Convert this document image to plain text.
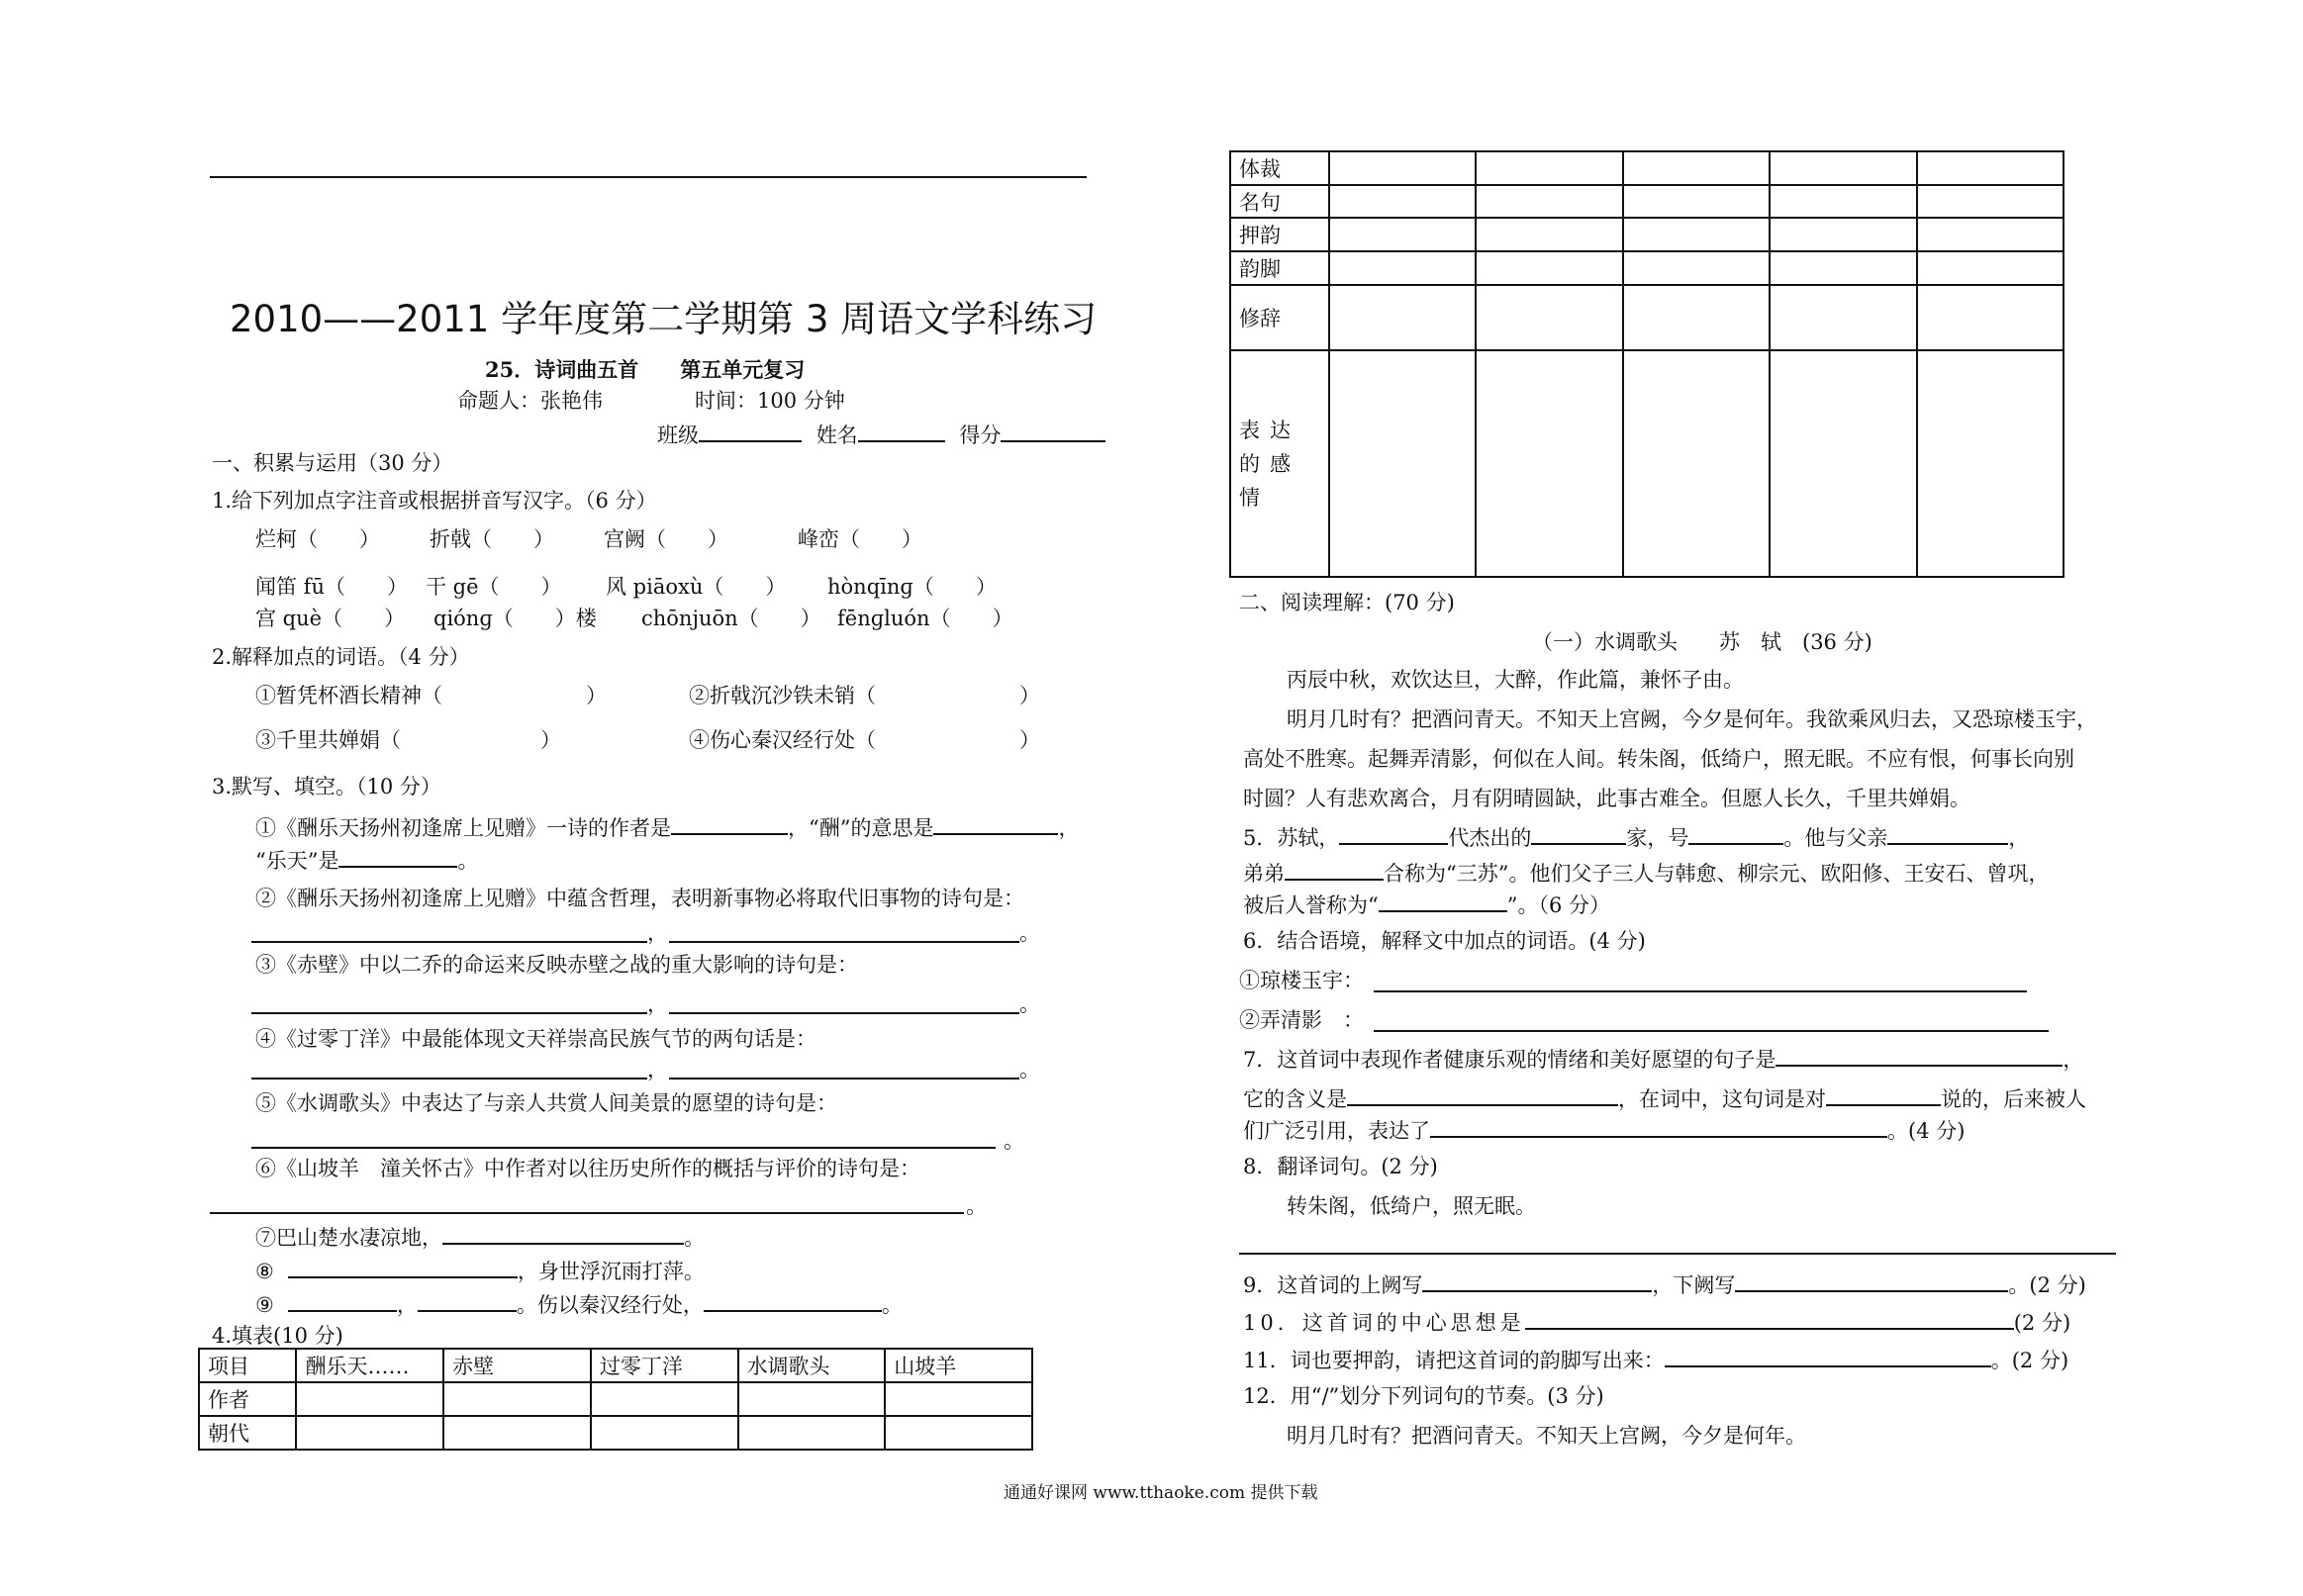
2010——2011 学年度第二学期第 3 周语文学科练习
25．诗词曲五首　　第五单元复习
命题人：张艳伟	时间：100 分钟
班级	姓名	得分
一、积累与运用（30 分）
1.给下列加点字注音或根据拼音写汉字。（6 分）
烂柯（　　） 折戟（　　） 宫阙（　　）	峰峦（　　）
闻笛 fū（　　） 干 gē（　　） 风 piāoxù（　　） hònqīnɡ（　　）
宫 què（　　） qiónɡ（　　）楼 chōnjuōn（　　） fēnɡluón（　　）
2.解释加点的词语。（4 分）
①暂凭杯酒长精神（	）	②折戟沉沙铁未销（	）
③千里共婵娟（	）	④伤心秦汉经行处（	）
3.默写、填空。（10 分）
①《酬乐天扬州初逢席上见赠》一诗的作者是	，“酬”的意思是	，
“乐天”是	。
②《酬乐天扬州初逢席上见赠》中蕴含哲理，表明新事物必将取代旧事物的诗句是：
，	。
③《赤壁》中以二乔的命运来反映赤壁之战的重大影响的诗句是：
，	。
④《过零丁洋》中最能体现文天祥崇高民族气节的两句话是：
，	。
⑤《水调歌头》中表达了与亲人共赏人间美景的愿望的诗句是：
。
⑥《山坡羊　潼关怀古》中作者对以往历史所作的概括与评价的诗句是：
。
⑦巴山楚水凄凉地，	。
⑧	，身世浮沉雨打萍。
⑨	，	。伤以秦汉经行处，	。
4.填表(10 分)
项目	酬乐天……	赤壁	过零丁洋	水调歌头	山坡羊
作者					
朝代					
体裁					
名句					
押韵					
韵脚					
修辞					
表达的感情					
二、阅读理解：(70 分)
（一）水调歌头　　苏　轼　(36 分)
丙辰中秋，欢饮达旦，大醉，作此篇，兼怀子由。
明月几时有？把酒问青天。不知天上宫阙，今夕是何年。我欲乘风归去，又恐琼楼玉宇，
高处不胜寒。起舞弄清影，何似在人间。转朱阁，低绮户，照无眠。不应有恨，何事长向别
时圆？人有悲欢离合，月有阴晴圆缺，此事古难全。但愿人长久，千里共婵娟。
5．苏轼，	代杰出的	家，号	。他与父亲	，
弟弟	合称为“三苏”。他们父子三人与韩愈、柳宗元、欧阳修、王安石、曾巩，
被后人誉称为“	”。（6 分）
6．结合语境，解释文中加点的词语。(4 分)
①琼楼玉宇：
②弄清影　：
7．这首词中表现作者健康乐观的情绪和美好愿望的句子是	，
它的含义是	，在词中，这句词是对	说的，后来被人
们广泛引用，表达了	。(4 分)
8．翻译词句。(2 分)
转朱阁，低绮户，照无眠。
9．这首词的上阙写	，下阙写	。(2 分)
10．这首词的中心思想是	(2 分)
11．词也要押韵，请把这首词的韵脚写出来：	。(2 分)
12．用“/”划分下列词句的节奏。(3 分)
明月几时有？把酒问青天。不知天上宫阙，今夕是何年。
通通好课网 www.tthaoke.com 提供下载
